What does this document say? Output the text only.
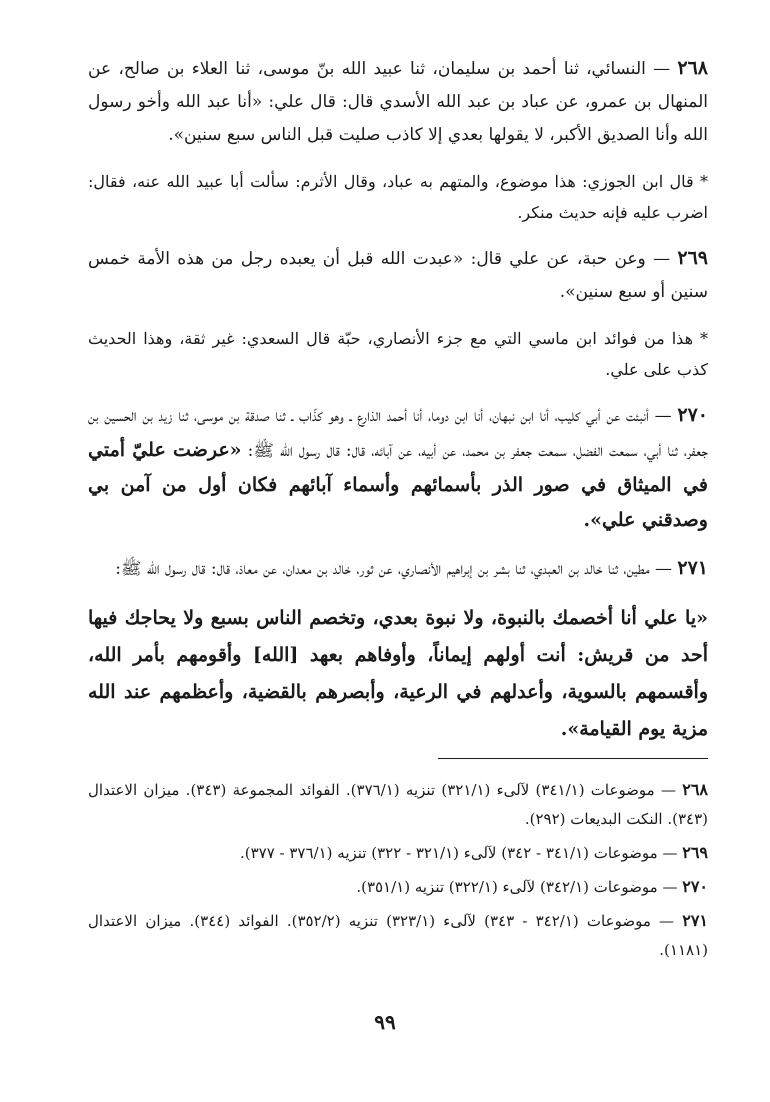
٢٦٨ — النسائي، ثنا أحمد بن سليمان، ثنا عبيد الله بنّ موسى، ثنا العلاء بن صالح، عن المنهال بن عمرو، عن عباد بن عبد الله الأسدي قال: قال علي: «أنا عبد الله وأخو رسول الله وأنا الصديق الأكبر، لا يقولها بعدي إلا كاذب صليت قبل الناس سبع سنين».

* قال ابن الجوزي: هذا موضوع، والمتهم به عباد، وقال الأثرم: سألت أبا عبيد الله عنه، فقال: اضرب عليه فإنه حديث منكر.

٢٦٩ — وعن حبة، عن علي قال: «عبدت الله قبل أن يعبده رجل من هذه الأمة خمس سنين أو سبع سنين».

* هذا من فوائد ابن ماسي التي مع جزء الأنصاري، حبّة قال السعدي: غير ثقة، وهذا الحديث كذب على علي.

٢٧٠ — أنبئت عن أبي كليب، أنا ابن نبهان، أنا ابن دوما، أنا أحمد الذارع ـ وهو كذّاب ـ ثنا صدقة بن موسى، ثنا زيد بن الحسين بن جعفر، ثنا أبي، سمعت الفضل، سمعت جعفر بن محمد، عن أبيه، عن آبائه، قال: قال رسول الله ﷺ: «عرضت عليّ أمتي في الميثاق في صور الذر بأسمائهم وأسماء آبائهم فكان أول من آمن بي وصدقني علي».

٢٧١ — مطين، ثنا خالد بن العبدي، ثنا بشر بن إبراهيم الأنصاري، عن ثور، خالد بن معدان، عن معاذ، قال: قال رسول الله ﷺ:

«يا علي أنا أخصمك بالنبوة، ولا نبوة بعدي، وتخصم الناس بسبع ولا يحاجك فيها أحد من قريش: أنت أولهم إيماناً، وأوفاهم بعهد [الله] وأقومهم بأمر الله، وأقسمهم بالسوية، وأعدلهم في الرعية، وأبصرهم بالقضية، وأعظمهم عند الله مزية يوم القيامة».

٢٦٨ — موضوعات (٣٤١/١) لآلىء (٣٢١/١) تنزيه (٣٧٦/١). الفوائد المجموعة (٣٤٣). ميزان الاعتدال (٣٤٣). النكت البديعات (٢٩٢).

٢٦٩ — موضوعات (٣٤١/١ - ٣٤٢) لآلىء (٣٢١/١ - ٣٢٢) تنزيه (٣٧٦/١ - ٣٧٧).

٢٧٠ — موضوعات (٣٤٢/١) لآلىء (٣٢٢/١) تنزيه (٣٥١/١).

٢٧١ — موضوعات (٣٤٢/١ - ٣٤٣) لآلىء (٣٢٣/١) تنزيه (٣٥٢/٢). الفوائد (٣٤٤). ميزان الاعتدال (١١٨١).

٩٩
